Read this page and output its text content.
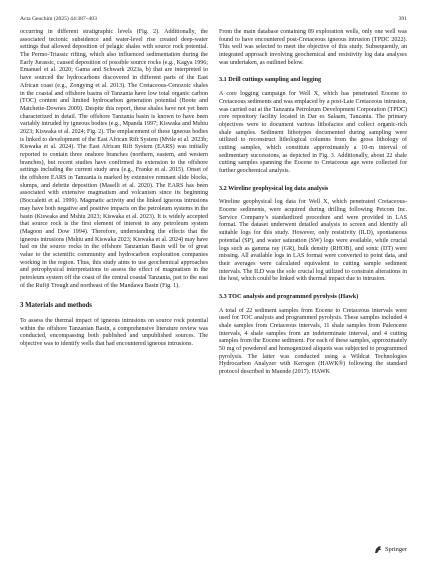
Acta Geochim (2025) 44:387–403	391

occurring in different stratigraphic levels (Fig. 2). Additionally, the associated tectonic subsidence and water-level rise created deep-water settings that allowed deposition of pelagic shales with source rock potential. The Permo-Triassic rifting, which also influenced sedimentation during the Early Jurassic, caused deposition of possible source rocks (e.g., Kagya 1996; Emanuel et al. 2020; Gama and Schwark 2023a, b) that are interpreted to have sourced the hydrocarbons discovered in different parts of the East African coast (e.g., Zongying et al. 2013). The Cretaceous-Cenozoic shales in the coastal and offshore basins of Tanzania have low total organic carbon (TOC) content and limited hydrocarbon generation potential (Boote and Matchette-Downes 2009). Despite this report, these shales have not yet been characterized in detail. The offshore Tanzania basin is known to have been variably intruded by igneous bodies (e.g., Mpanda 1997; Kiswaka and Mshiu 2023; Kiswaka et al. 2024; Fig. 2). The emplacement of these igneous bodies is linked to development of the East African Rift System (Mvile et al. 2023b; Kiswaka et al. 2024). The East African Rift System (EARS) was initially reported to contain three onshore branches (northern, eastern, and western branches), but recent studies have confirmed its extension to the offshore settings including the current study area (e.g., Franke et al. 2015). Onset of the offshore EARS in Tanzania is marked by extensive remnant slide blocks, slumps, and debrite deposition (Maselli et al. 2020). The EARS has been associated with extensive magmatism and volcanism since its beginning (Boccaletti et al. 1999). Magmatic activity and the linked igneous intrusions may have both negative and positive impacts on the petroleum systems in the basin (Kiswaka and Mshiu 2023; Kiswaka et al. 2023). It is widely accepted that source rock is the first element of interest in any petroleum system (Magoon and Dow 1994). Therefore, understanding the effects that the igneous intrusions (Mshiu and Kiswaka 2023; Kiswaka et al. 2024) may have had on the source rocks in the offshore Tanzanian Basin will be of great value to the scientific community and hydrocarbon exploration companies working in the region. Thus, this study aims to use geochemical approaches and petrophysical interpretations to assess the effect of magmatism in the petroleum system off the coast of the central coastal Tanzania, just to the east of the Rufiji Trough and northeast of the Mandawa Basin (Fig. 1).

3 Materials and methods

To assess the thermal impact of igneous intrusions on source rock potential within the offshore Tanzanian Basin, a comprehensive literature review was conducted, encompassing both published and unpublished sources. The objective was to identify wells that had encountered igneous intrusions.

From the main database containing 89 exploration wells, only one well was found to have encountered post-Cretaceous igneous intrusion (TPDC 2022). This well was selected to meet the objective of this study. Subsequently, an integrated approach involving geochemical and resistivity log data analyses was undertaken, as outlined below.

3.1 Drill cuttings sampling and logging

A core logging campaign for Well X, which has penetrated Eocene to Cretaceous sediments and was emplaced by a post-Late Cretaceous intrusion, was carried out at the Tanzania Petroleum Development Corporation (TPDC) core repository facility located in Dar es Salaam, Tanzania. The primary objectives were to document various lithofacies and collect organic-rich shale samples. Sediment lithotypes documented during sampling were utilized to reconstruct lithological columns from the gross lithology of cutting samples, which constitute approximately a 10-m interval of sedimentary successions, as depicted in Fig. 3. Additionally, about 22 shale cutting samples spanning the Eocene to Cretaceous age were collected for further geochemical analysis.

3.2 Wireline geophysical log data analysis

Wireline geophysical log data for Well X, which penetrated Cretaceous-Eocene sediments, were acquired during drilling following Petcom Inc. Service Company’s standardized procedure and were provided in LAS format. The dataset underwent detailed analysis to screen and identify all suitable logs for this study. However, only resistivity (ILD), spontaneous potential (SP), and water saturation (SW) logs were available, while crucial logs such as gamma ray (GR), bulk density (RHOB), and sonic (DT) were missing. All available logs in LAS format were converted to point data, and their averages were calculated equivalent to cutting sample sediment intervals. The ILD was the sole crucial log utilized to constrain alterations in the host, which could be linked with thermal impact due to intrusion.

3.3 TOC analysis and programmed pyrolysis (Hawk)

A total of 22 sediment samples from Eocene to Cretaceous intervals were used for TOC analysis and programmed pyrolysis. These samples included 4 shale samples from Cretaceous intervals, 11 shale samples from Paleocene intervals, 4 shale samples from an indeterminate interval, and 4 cutting samples from the Eocene sediment. For each of these samples, approximately 50 mg of powdered and homogenized aliquots was subjected to programmed pyrolysis. The latter was conducted using a Wildcat Technologies Hydrocarbon Analyzer with Kerogen (HAWK®) following the standard protocol described in Maende (2017). HAWK

Springer
